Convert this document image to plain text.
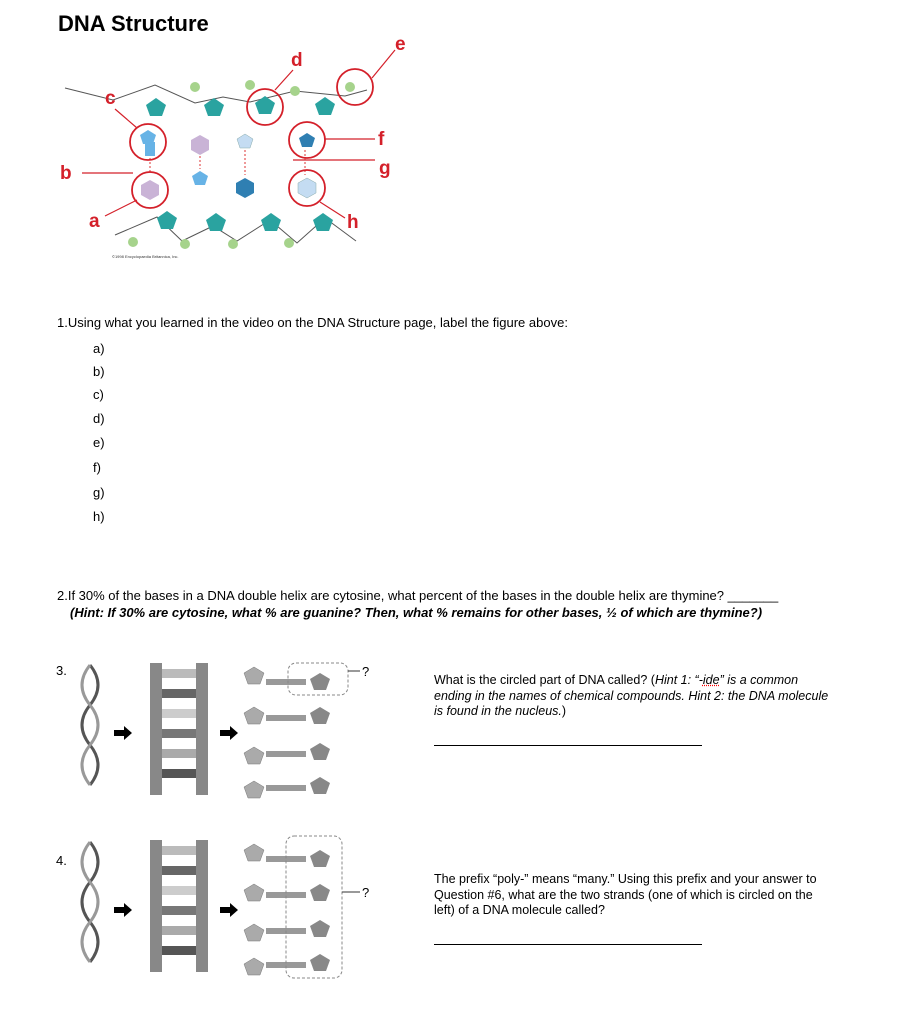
DNA Structure
a
b
c
d
e
f
g
h
©1998 Encyclopaedia Britannica, Inc.
1.Using what you learned in the video on the DNA Structure page, label the figure above:
a)
b)
c)
d)
e)
f)
g)
h)
2.If 30% of the bases in a DNA double helix are cytosine, what percent of the bases in the double helix are thymine? _______
(Hint: If 30% are cytosine, what % are guanine? Then, what % remains for other bases, ½ of which are thymine?)
3.	?
What is the circled part of DNA called? (Hint 1: “-ide” is a common ending in the names of chemical compounds. Hint 2: the DNA molecule is found in the nucleus.)
4.
?
The prefix “poly-” means “many.” Using this prefix and your answer to Question #6, what are the two strands (one of which is circled on the left) of a DNA molecule called?
